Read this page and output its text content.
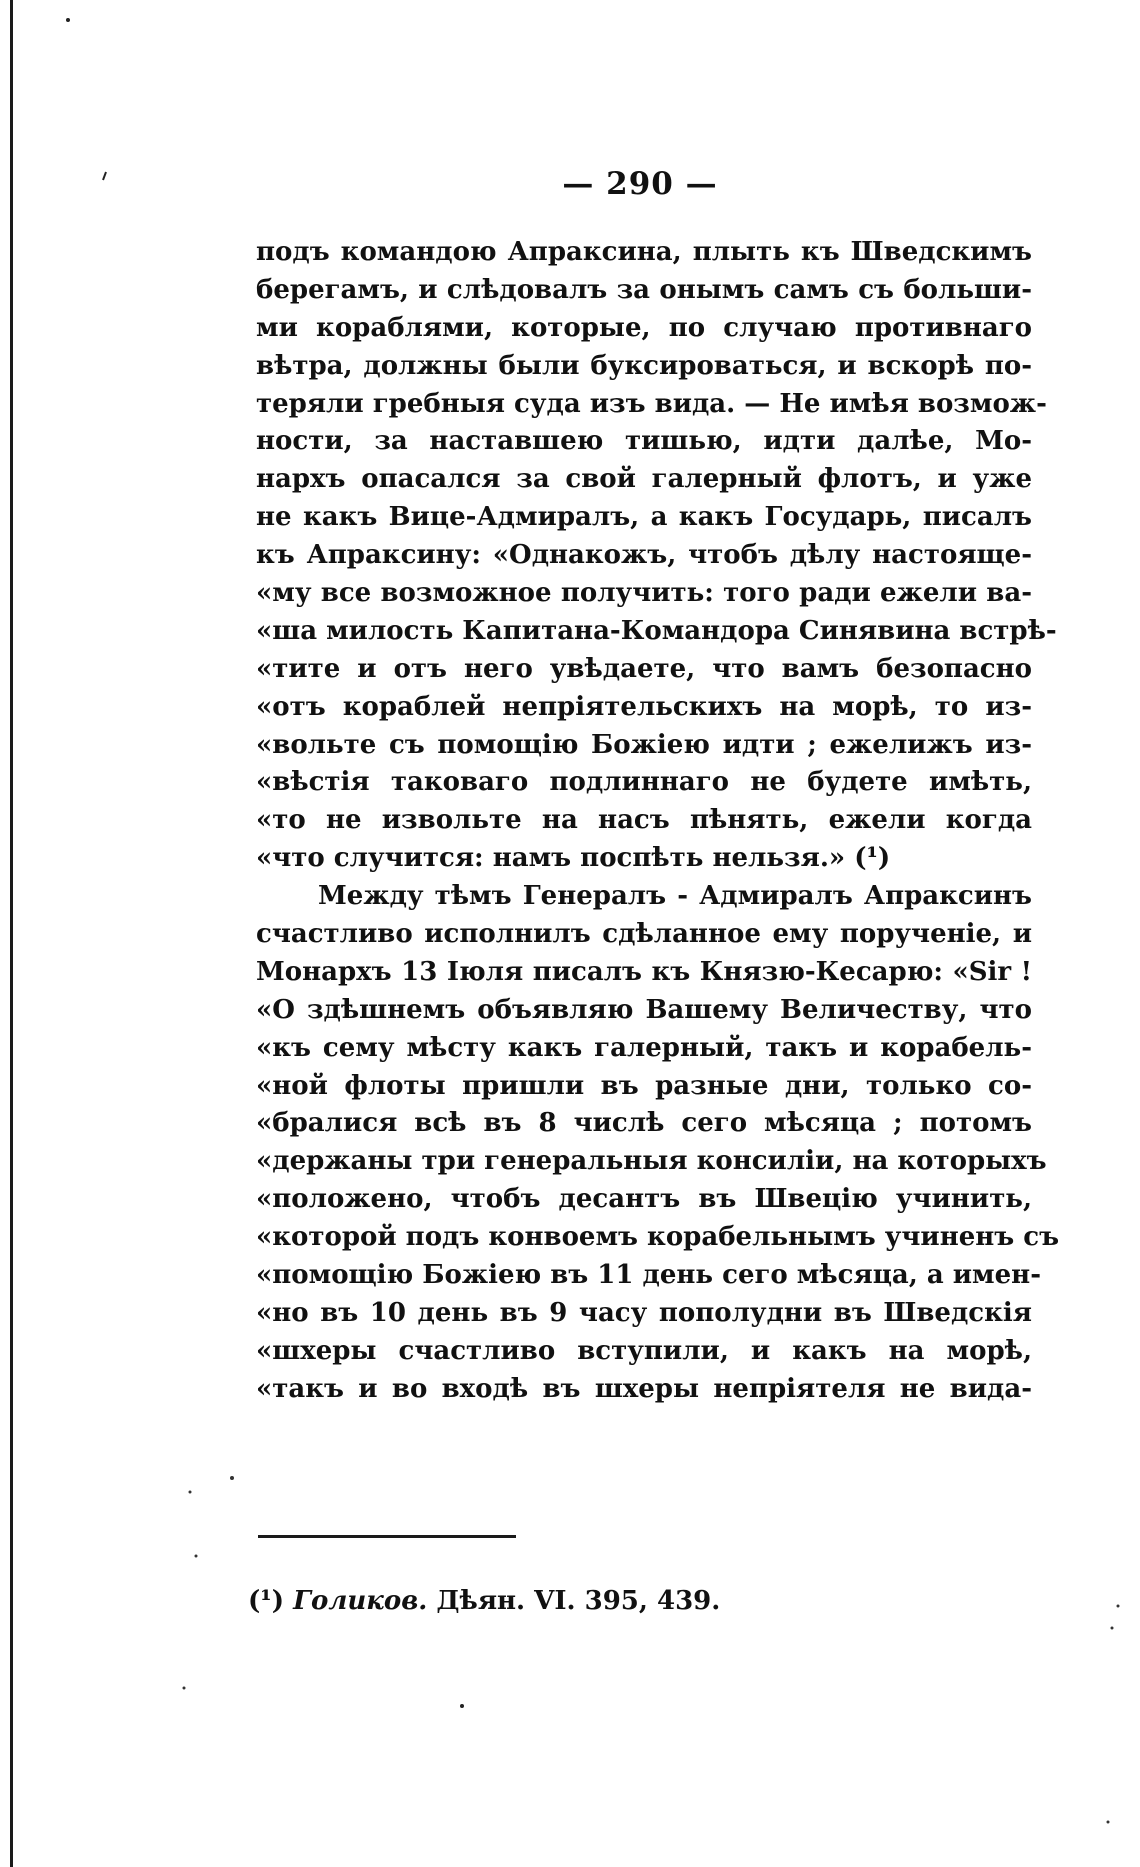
— 290 —
подъ командою Апраксина, плыть къ Шведскимъ
берегамъ, и слѣдовалъ за онымъ самъ съ больши-
ми кораблями, которые, по случаю противнаго
вѣтра, должны были буксироваться, и вскорѣ по-
теряли гребныя суда изъ вида. — Не имѣя возмож-
ности, за наставшею тишью, идти далѣе, Мо-
нархъ опасался за свой галерный флотъ, и уже
не какъ Вице-Адмиралъ, а какъ Государь, писалъ
къ Апраксину: «Однакожъ, чтобъ дѣлу настояще-
«му все возможное получить: того ради ежели ва-
«ша милость Капитана-Командора Синявина встрѣ-
«тите и отъ него увѣдаете, что вамъ безопасно
«отъ кораблей непріятельскихъ на морѣ, то из-
«вольте съ помощію Божіею идти ; ежелижъ из-
«вѣстія таковаго подлиннаго не будете имѣть,
«то не извольте на насъ пѣнять, ежели когда
«что случится: намъ поспѣть нельзя.» (¹)
Между тѣмъ Генералъ - Адмиралъ Апраксинъ
счастливо исполнилъ сдѣланное ему порученіе, и
Монархъ 13 Іюля писалъ къ Князю-Кесарю: «Sir !
«О здѣшнемъ объявляю Вашему Величеству, что
«къ сему мѣсту какъ галерный, такъ и корабель-
«ной флоты пришли въ разные дни, только со-
«бралися всѣ въ 8 числѣ сего мѣсяца ; потомъ
«держаны три генеральныя консиліи, на которыхъ
«положено, чтобъ десантъ въ Швецію учинить,
«которой подъ конвоемъ корабельнымъ учиненъ съ
«помощію Божіею въ 11 день сего мѣсяца, а имен-
«но въ 10 день въ 9 часу пополудни въ Шведскія
«шхеры счастливо вступили, и какъ на морѣ,
«такъ и во входѣ въ шхеры непріятеля не вида-
(¹) Голиков. Дѣян. VI. 395, 439.
